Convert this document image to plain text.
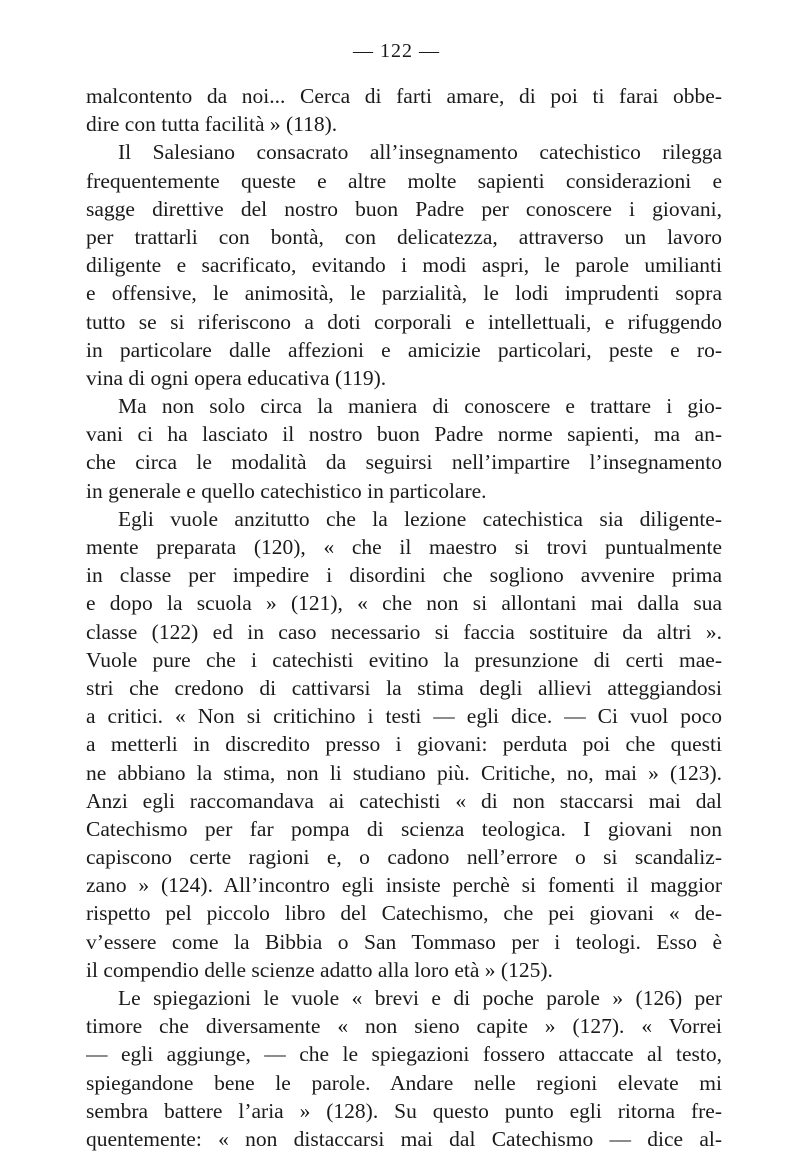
— 122 —
malcontento da noi... Cerca di farti amare, di poi ti farai obbe-
dire con tutta facilità » (118).
Il Salesiano consacrato all’insegnamento catechistico rilegga
frequentemente queste e altre molte sapienti considerazioni e
sagge direttive del nostro buon Padre per conoscere i giovani,
per trattarli con bontà, con delicatezza, attraverso un lavoro
diligente e sacrificato, evitando i modi aspri, le parole umilianti
e offensive, le animosità, le parzialità, le lodi imprudenti sopra
tutto se si riferiscono a doti corporali e intellettuali, e rifuggendo
in particolare dalle affezioni e amicizie particolari, peste e ro-
vina di ogni opera educativa (119).
Ma non solo circa la maniera di conoscere e trattare i gio-
vani ci ha lasciato il nostro buon Padre norme sapienti, ma an-
che circa le modalità da seguirsi nell’impartire l’insegnamento
in generale e quello catechistico in particolare.
Egli vuole anzitutto che la lezione catechistica sia diligente-
mente preparata (120), « che il maestro si trovi puntualmente
in classe per impedire i disordini che sogliono avvenire prima
e dopo la scuola » (121), « che non si allontani mai dalla sua
classe (122) ed in caso necessario si faccia sostituire da altri ».
Vuole pure che i catechisti evitino la presunzione di certi mae-
stri che credono di cattivarsi la stima degli allievi atteggiandosi
a critici. « Non si critichino i testi — egli dice. — Ci vuol poco
a metterli in discredito presso i giovani: perduta poi che questi
ne abbiano la stima, non li studiano più. Critiche, no, mai » (123).
Anzi egli raccomandava ai catechisti « di non staccarsi mai dal
Catechismo per far pompa di scienza teologica. I giovani non
capiscono certe ragioni e, o cadono nell’errore o si scandaliz-
zano » (124). All’incontro egli insiste perchè si fomenti il maggior
rispetto pel piccolo libro del Catechismo, che pei giovani « de-
v’essere come la Bibbia o San Tommaso per i teologi. Esso è
il compendio delle scienze adatto alla loro età » (125).
Le spiegazioni le vuole « brevi e di poche parole » (126) per
timore che diversamente « non sieno capite » (127). « Vorrei
— egli aggiunge, — che le spiegazioni fossero attaccate al testo,
spiegandone bene le parole. Andare nelle regioni elevate mi
sembra battere l’aria » (128). Su questo punto egli ritorna fre-
quentemente: « non distaccarsi mai dal Catechismo — dice al-
